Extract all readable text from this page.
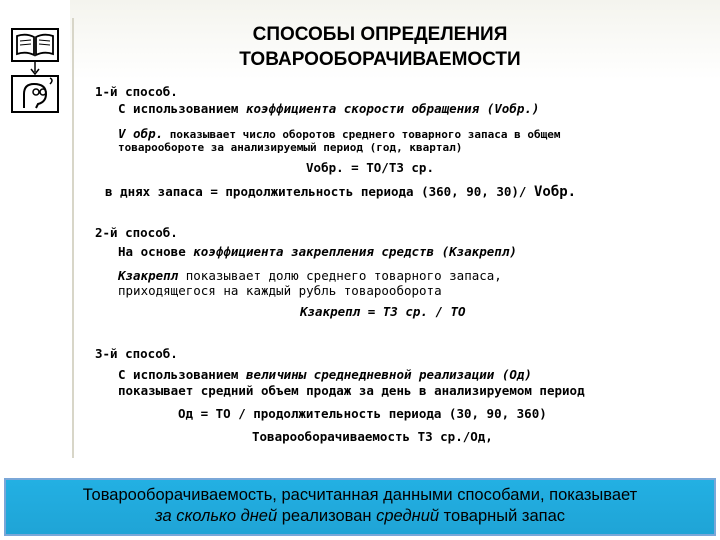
СПОСОБЫ ОПРЕДЕЛЕНИЯ
ТОВАРООБОРАЧИВАЕМОСТИ
1-й способ.
С использованием коэффициента скорости обращения (Vобр.)
V обр. показывает число оборотов среднего товарного запаса в общем
товарообороте за анализируемый период (год, квартал)
Vобр. = ТО/ТЗ ср.
в днях запаса = продолжительность периода (360, 90, 30)/ Vобр.
2-й способ.
На основе коэффициента закрепления средств (Кзакрепл)
Кзакрепл показывает долю среднего товарного запаса,
приходящегося на каждый рубль товарооборота
Кзакрепл = ТЗ ср. / ТО
3-й способ.
С использованием величины среднедневной реализации (Од)
показывает средний объем продаж за день в анализируемом период
Од = ТО / продолжительность периода (30, 90, 360)
Товарооборачиваемость ТЗ ср./Од,
Товарооборачиваемость, расчитанная данными способами, показывает
за сколько дней реализован средний товарный запас
